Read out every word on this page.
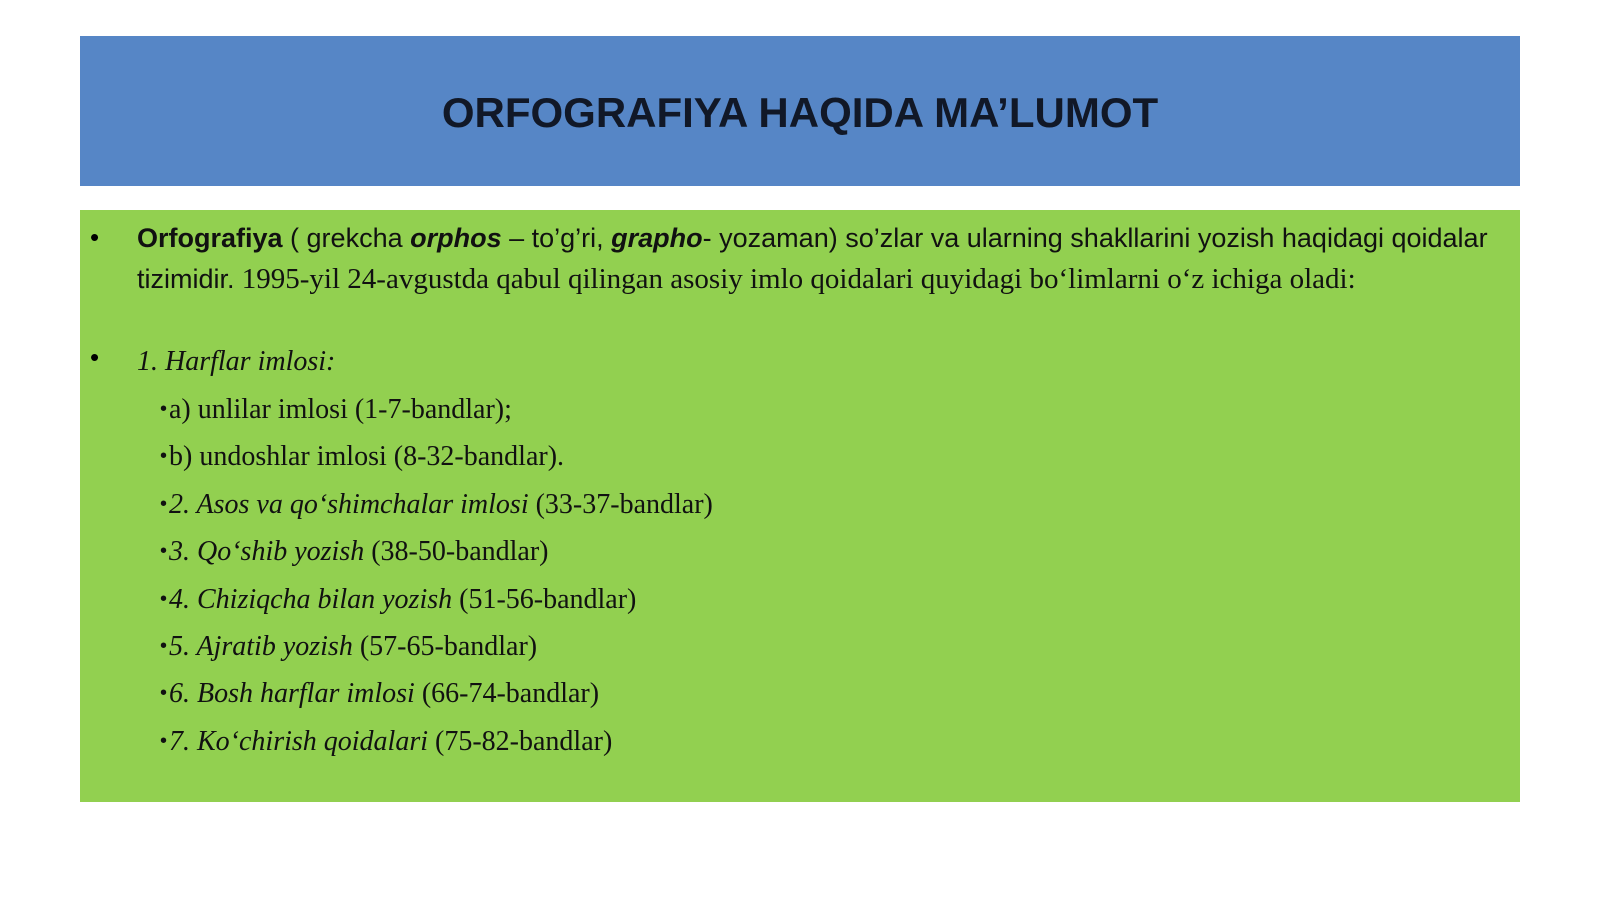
ORFOGRAFIYA HAQIDA MA’LUMOT
• Orfografiya ( grekcha orphos – to’g’ri, grapho- yozaman) so’zlar va ularning shakllarini yozish haqidagi qoidalar tizimidir. 1995-yil 24-avgustda qabul qilingan asosiy imlo qoidalari quyidagi bo‘limlarni o‘z ichiga oladi:
• 1. Harflar imlosi:
•a) unlilar imlosi (1-7-bandlar);
•b) undoshlar imlosi (8-32-bandlar).
•2. Asos va qo‘shimchalar imlosi (33-37-bandlar)
•3. Qo‘shib yozish (38-50-bandlar)
•4. Chiziqcha bilan yozish (51-56-bandlar)
•5. Ajratib yozish (57-65-bandlar)
•6. Bosh harflar imlosi (66-74-bandlar)
•7. Ko‘chirish qoidalari (75-82-bandlar)
